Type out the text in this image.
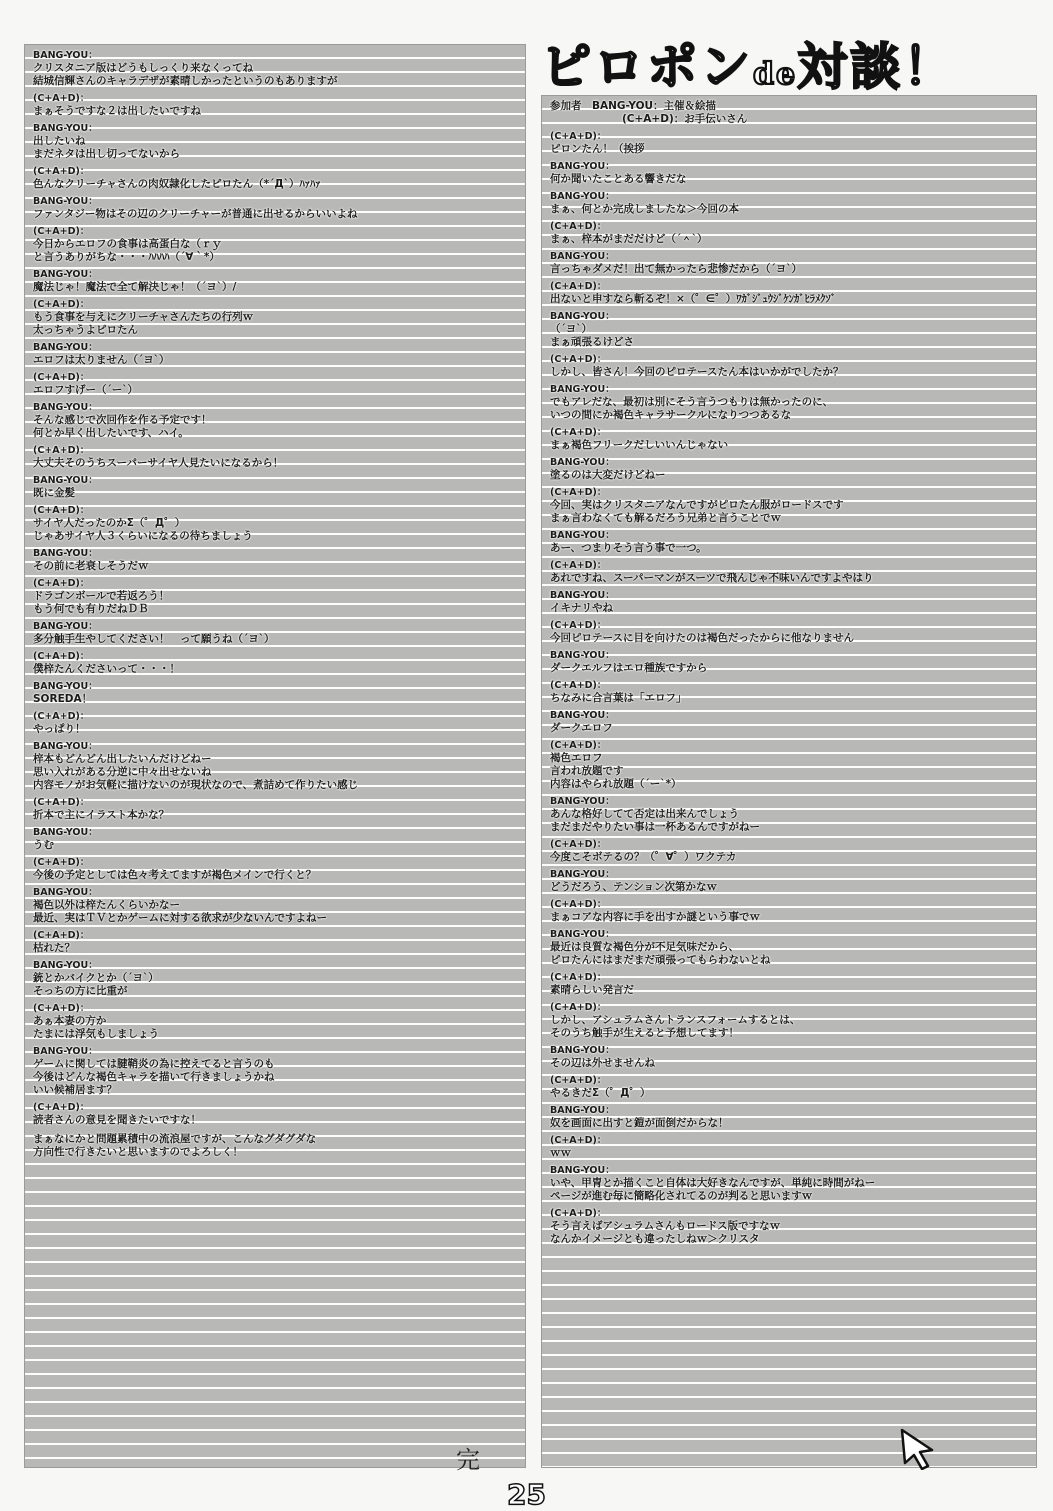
ピロポンde対談！
BANG-YOU：
クリスタニア版はどうもしっくり来なくってね
結城信輝さんのキャラデザが素晴しかったというのもありますが
(C+A+D)：
まぁそうですな２は出したいですね
BANG-YOU：
出したいね
まだネタは出し切ってないから
(C+A+D)：
色んなクリーチャさんの肉奴隷化したピロたん（*´Д`）ﾊｧﾊｧ
BANG-YOU：
ファンタジー物はその辺のクリーチャーが普通に出せるからいいよね
(C+A+D)：
今日からエロフの食事は高蛋白な（ｒｙ
と言うありがちな・・・ﾊﾊﾊﾊ（´∀｀*）
BANG-YOU：
魔法じゃ！魔法で全て解決じゃ！（´ヨ`）/
(C+A+D)：
もう食事を与えにクリーチャさんたちの行列ｗ
太っちゃうよピロたん
BANG-YOU：
エロフは太りません（´ヨ`）
(C+A+D)：
エロフすげー（´ー`）
BANG-YOU：
そんな感じで次回作を作る予定です！
何とか早く出したいです、ハイ。
(C+A+D)：
大丈夫そのうちスーパーサイヤ人見たいになるから！
BANG-YOU：
既に金髪
(C+A+D)：
サイヤ人だったのかΣ（゜Д゜）
じゃあサイヤ人３くらいになるの待ちましょう
BANG-YOU：
その前に老衰しそうだｗ
(C+A+D)：
ドラゴンボールで若返ろう！
もう何でも有りだねＤＢ
BANG-YOU：
多分触手生やしてください！　って願うね（´ヨ`）
(C+A+D)：
僕梓たんくださいって・・・！
BANG-YOU：
SOREDA！
(C+A+D)：
やっぱり！
BANG-YOU：
梓本もどんどん出したいんだけどねー
思い入れがある分逆に中々出せないね
内容モノがお気軽に描けないのが現状なので、煮詰めて作りたい感じ
(C+A+D)：
折本で主にイラスト本かな？
BANG-YOU：
うむ
(C+A+D)：
今後の予定としては色々考えてますが褐色メインで行くと？
BANG-YOU：
褐色以外は梓たんくらいかなー
最近、実はＴＶとかゲームに対する欲求が少ないんですよねー
(C+A+D)：
枯れた？
BANG-YOU：
銃とかバイクとか（´ヨ`）
そっちの方に比重が
(C+A+D)：
あぁ本妻の方か
たまには浮気もしましょう
BANG-YOU：
ゲームに関しては腱鞘炎の為に控えてると言うのも
今後はどんな褐色キャラを描いて行きましょうかね
いい候補居ます？
(C+A+D)：
読者さんの意見を聞きたいですな！
まぁなにかと問題累積中の流浪屋ですが、こんなグダグダな
方向性で行きたいと思いますのでよろしく！
参加者　 BANG-YOU：主催＆絵描
(C+A+D)：お手伝いさん
(C+A+D)：
ピロンたん！（挨拶
BANG-YOU：
何か聞いたことある響きだな
BANG-YOU：
まぁ、何とか完成しましたな＞今回の本
(C+A+D)：
まぁ、梓本がまだだけど（´＾`）
BANG-YOU：
言っちゃダメだ！出て無かったら悲惨だから（´ヨ`）
(C+A+D)：
出ないと申すなら斬るぞ！×（゜∈゜）ﾜｶﾞｼﾞｭｳｼﾞｹﾝｶﾞﾋﾗﾒｸｿﾞ
BANG-YOU：
（´ヨ`）
まぁ頑張るけどさ
(C+A+D)：
しかし、皆さん！今回のピロテースたん本はいかがでしたか？
BANG-YOU：
でもアレだな、最初は別にそう言うつもりは無かったのに、
いつの間にか褐色キャラサークルになりつつあるな
(C+A+D)：
まぁ褐色フリークだしいいんじゃない
BANG-YOU：
塗るのは大変だけどねー
(C+A+D)：
今回、実はクリスタニアなんですがピロたん服がロードスです
まぁ言わなくても解るだろう兄弟と言うことでｗ
BANG-YOU：
あー、つまりそう言う事で一つ。
(C+A+D)：
あれですね、スーパーマンがスーツで飛んじゃ不味いんですよやはり
BANG-YOU：
イキナリやね
(C+A+D)：
今回ピロテースに目を向けたのは褐色だったからに他なりません
BANG-YOU：
ダークエルフはエロ種族ですから
(C+A+D)：
ちなみに合言葉は「エロフ」
BANG-YOU：
ダークエロフ
(C+A+D)：
褐色エロフ
言われ放題です
内容はやられ放題（´ー`*）
BANG-YOU：
あんな格好してて否定は出来んでしょう
まだまだやりたい事は一杯あるんですがねー
(C+A+D)：
今度こそボテるの？（゜∀゜）ワクテカ
BANG-YOU：
どうだろう、テンション次第かなｗ
(C+A+D)：
まぁコアな内容に手を出すか謎という事でｗ
BANG-YOU：
最近は良質な褐色分が不足気味だから、
ピロたんにはまだまだ頑張ってもらわないとね
(C+A+D)：
素晴らしい発言だ
(C+A+D)：
しかし、アシュラムさんトランスフォームするとは、
そのうち触手が生えると予想してます！
BANG-YOU：
その辺は外せませんね
(C+A+D)：
やるきだΣ（゜Д゜）
BANG-YOU：
奴を画面に出すと鎧が面倒だからな！
(C+A+D)：
ｗｗ
BANG-YOU：
いや、甲冑とか描くこと自体は大好きなんですが、単純に時間がねー
ページが進む毎に簡略化されてるのが判ると思いますｗ
(C+A+D)：
そう言えばアシュラムさんもロードス版ですなｗ
なんかイメージとも違ったしねｗ＞クリスタ
完
25
